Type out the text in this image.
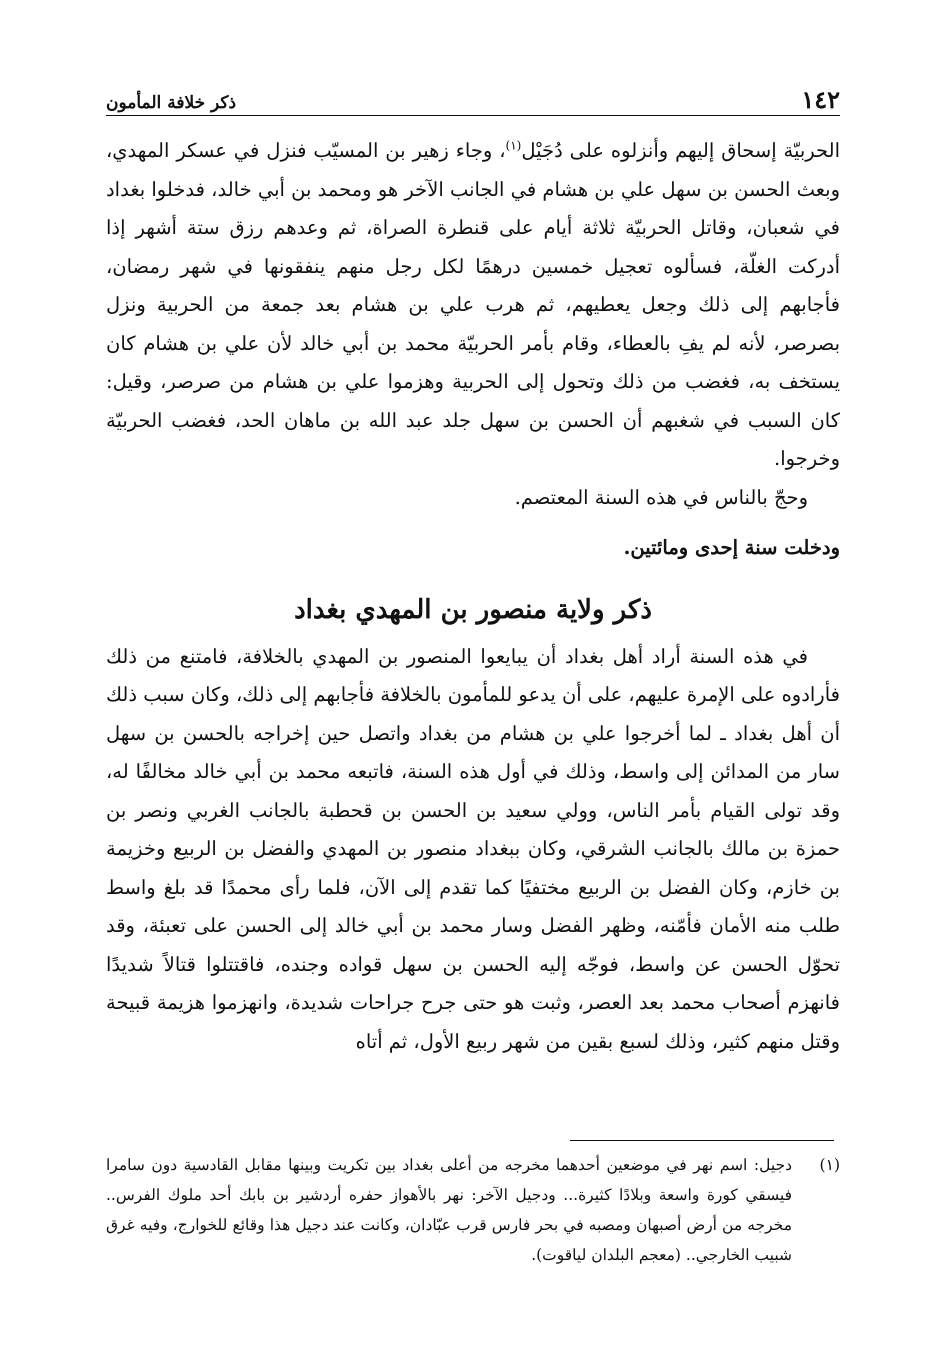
١٤٢
ذكر خلافة المأمون

الحربيّة إسحاق إليهم وأنزلوه على دُجَيْل$^{(١)}$، وجاء زهير بن المسيّب فنزل في عسكر المهدي، وبعث الحسن بن سهل علي بن هشام في الجانب الآخر هو ومحمد بن أبي خالد، فدخلوا بغداد في شعبان، وقاتل الحربيّة ثلاثة أيام على قنطرة الصراة، ثم وعدهم رزق ستة أشهر إذا أدركت الغلّة، فسألوه تعجيل خمسين درهمًا لكل رجل منهم ينفقونها في شهر رمضان، فأجابهم إلى ذلك وجعل يعطيهم، ثم هرب علي بن هشام بعد جمعة من الحربية ونزل بصرصر، لأنه لم يفِ بالعطاء، وقام بأمر الحربيّة محمد بن أبي خالد لأن علي بن هشام كان يستخف به، فغضب من ذلك وتحول إلى الحربية وهزموا علي بن هشام من صرصر، وقيل: كان السبب في شغبهم أن الحسن بن سهل جلد عبد الله بن ماهان الحد، فغضب الحربيّة وخرجوا.

وحجّ بالناس في هذه السنة المعتصم.

ودخلت سنة إحدى ومائتين.
ذكر ولاية منصور بن المهدي بغداد

في هذه السنة أراد أهل بغداد أن يبايعوا المنصور بن المهدي بالخلافة، فامتنع من ذلك فأرادوه على الإمرة عليهم، على أن يدعو للمأمون بالخلافة فأجابهم إلى ذلك، وكان سبب ذلك أن أهل بغداد ـ لما أخرجوا علي بن هشام من بغداد واتصل حين إخراجه بالحسن بن سهل سار من المدائن إلى واسط، وذلك في أول هذه السنة، فاتبعه محمد بن أبي خالد مخالفًا له، وقد تولى القيام بأمر الناس، وولي سعيد بن الحسن بن قحطبة بالجانب الغربي ونصر بن حمزة بن مالك بالجانب الشرقي، وكان ببغداد منصور بن المهدي والفضل بن الربيع وخزيمة بن خازم، وكان الفضل بن الربيع مختفيًا كما تقدم إلى الآن، فلما رأى محمدًا قد بلغ واسط طلب منه الأمان فأمّنه، وظهر الفضل وسار محمد بن أبي خالد إلى الحسن على تعبئة، وقد تحوّل الحسن عن واسط، فوجّه إليه الحسن بن سهل قواده وجنده، فاقتتلوا قتالاً شديدًا فانهزم أصحاب محمد بعد العصر، وثبت هو حتى جرح جراحات شديدة، وانهزموا هزيمة قبيحة وقتل منهم كثير، وذلك لسبع بقين من شهر ربيع الأول، ثم أتاه

(١)
دجيل: اسم نهر في موضعين أحدهما مخرجه من أعلى بغداد بين تكريت وبينها مقابل القادسية دون سامرا فيسقي كورة واسعة وبلادًا كثيرة... ودجيل الآخر: نهر بالأهواز حفره أردشير بن بابك أحد ملوك الفرس.. مخرجه من أرض أصبهان ومصبه في بحر فارس قرب عبّادان، وكانت عند دجيل هذا وقائع للخوارج، وفيه غرق شبيب الخارجي.. (معجم البلدان لياقوت).
